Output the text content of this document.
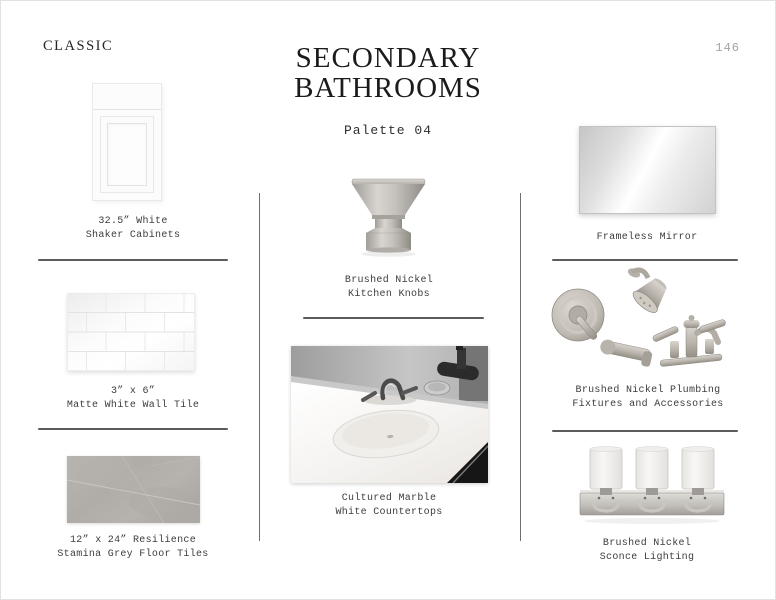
CLASSIC	146
SECONDARY
BATHROOMS
Palette 04
32.5” White
Shaker Cabinets
3” x 6”
Matte White Wall Tile
12” x 24” Resilience
Stamina Grey Floor Tiles
Brushed Nickel
Kitchen Knobs
Cultured Marble
White Countertops
Frameless Mirror
Brushed Nickel Plumbing
Fixtures and Accessories
Brushed Nickel
Sconce Lighting
